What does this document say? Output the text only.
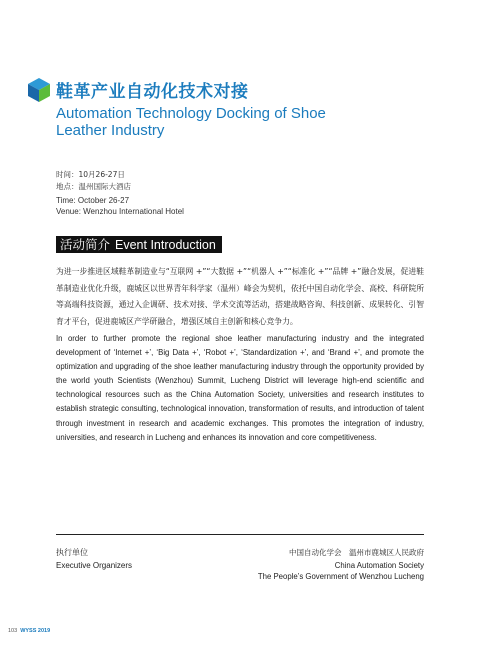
鞋革产业自动化技术对接
Automation Technology Docking of Shoe Leather Industry
时间：10月26-27日
地点：温州国际大酒店
Time: October 26-27
Venue: Wenzhou International Hotel
活动简介 Event Introduction
为进一步推进区域鞋革制造业与“互联网 +”“大数据 +”“机器人 +”“标准化 +”“品牌 +”融合发展，促进鞋革制造业优化升级，鹿城区以世界青年科学家（温州）峰会为契机，依托中国自动化学会、高校、科研院所等高端科技资源，通过入企调研、技术对接、学术交流等活动，搭建战略咨询、科技创新、成果转化、引智育才平台，促进鹿城区产学研融合，增强区域自主创新和核心竞争力。
In order to further promote the regional shoe leather manufacturing industry and the integrated development of ‘Internet +’, ‘Big Data +’, ‘Robot +’, ‘Standardization +’, and ‘Brand +’, and promote the optimization and upgrading of the shoe leather manufacturing industry through the opportunity provided by the world youth Scientists (Wenzhou) Summit, Lucheng District will leverage high-end scientific and technological resources such as the China Automation Society, universities and research institutes to establish strategic consulting, technological innovation, transformation of results, and introduction of talent through investment in research and academic exchanges. This promotes the integration of industry, universities, and research in Lucheng and enhances its innovation and core competitiveness.
执行单位
Executive Organizers
中国自动化学会　温州市鹿城区人民政府
China Automation Society
The People’s Government of Wenzhou Lucheng
103 WYSS 2019
